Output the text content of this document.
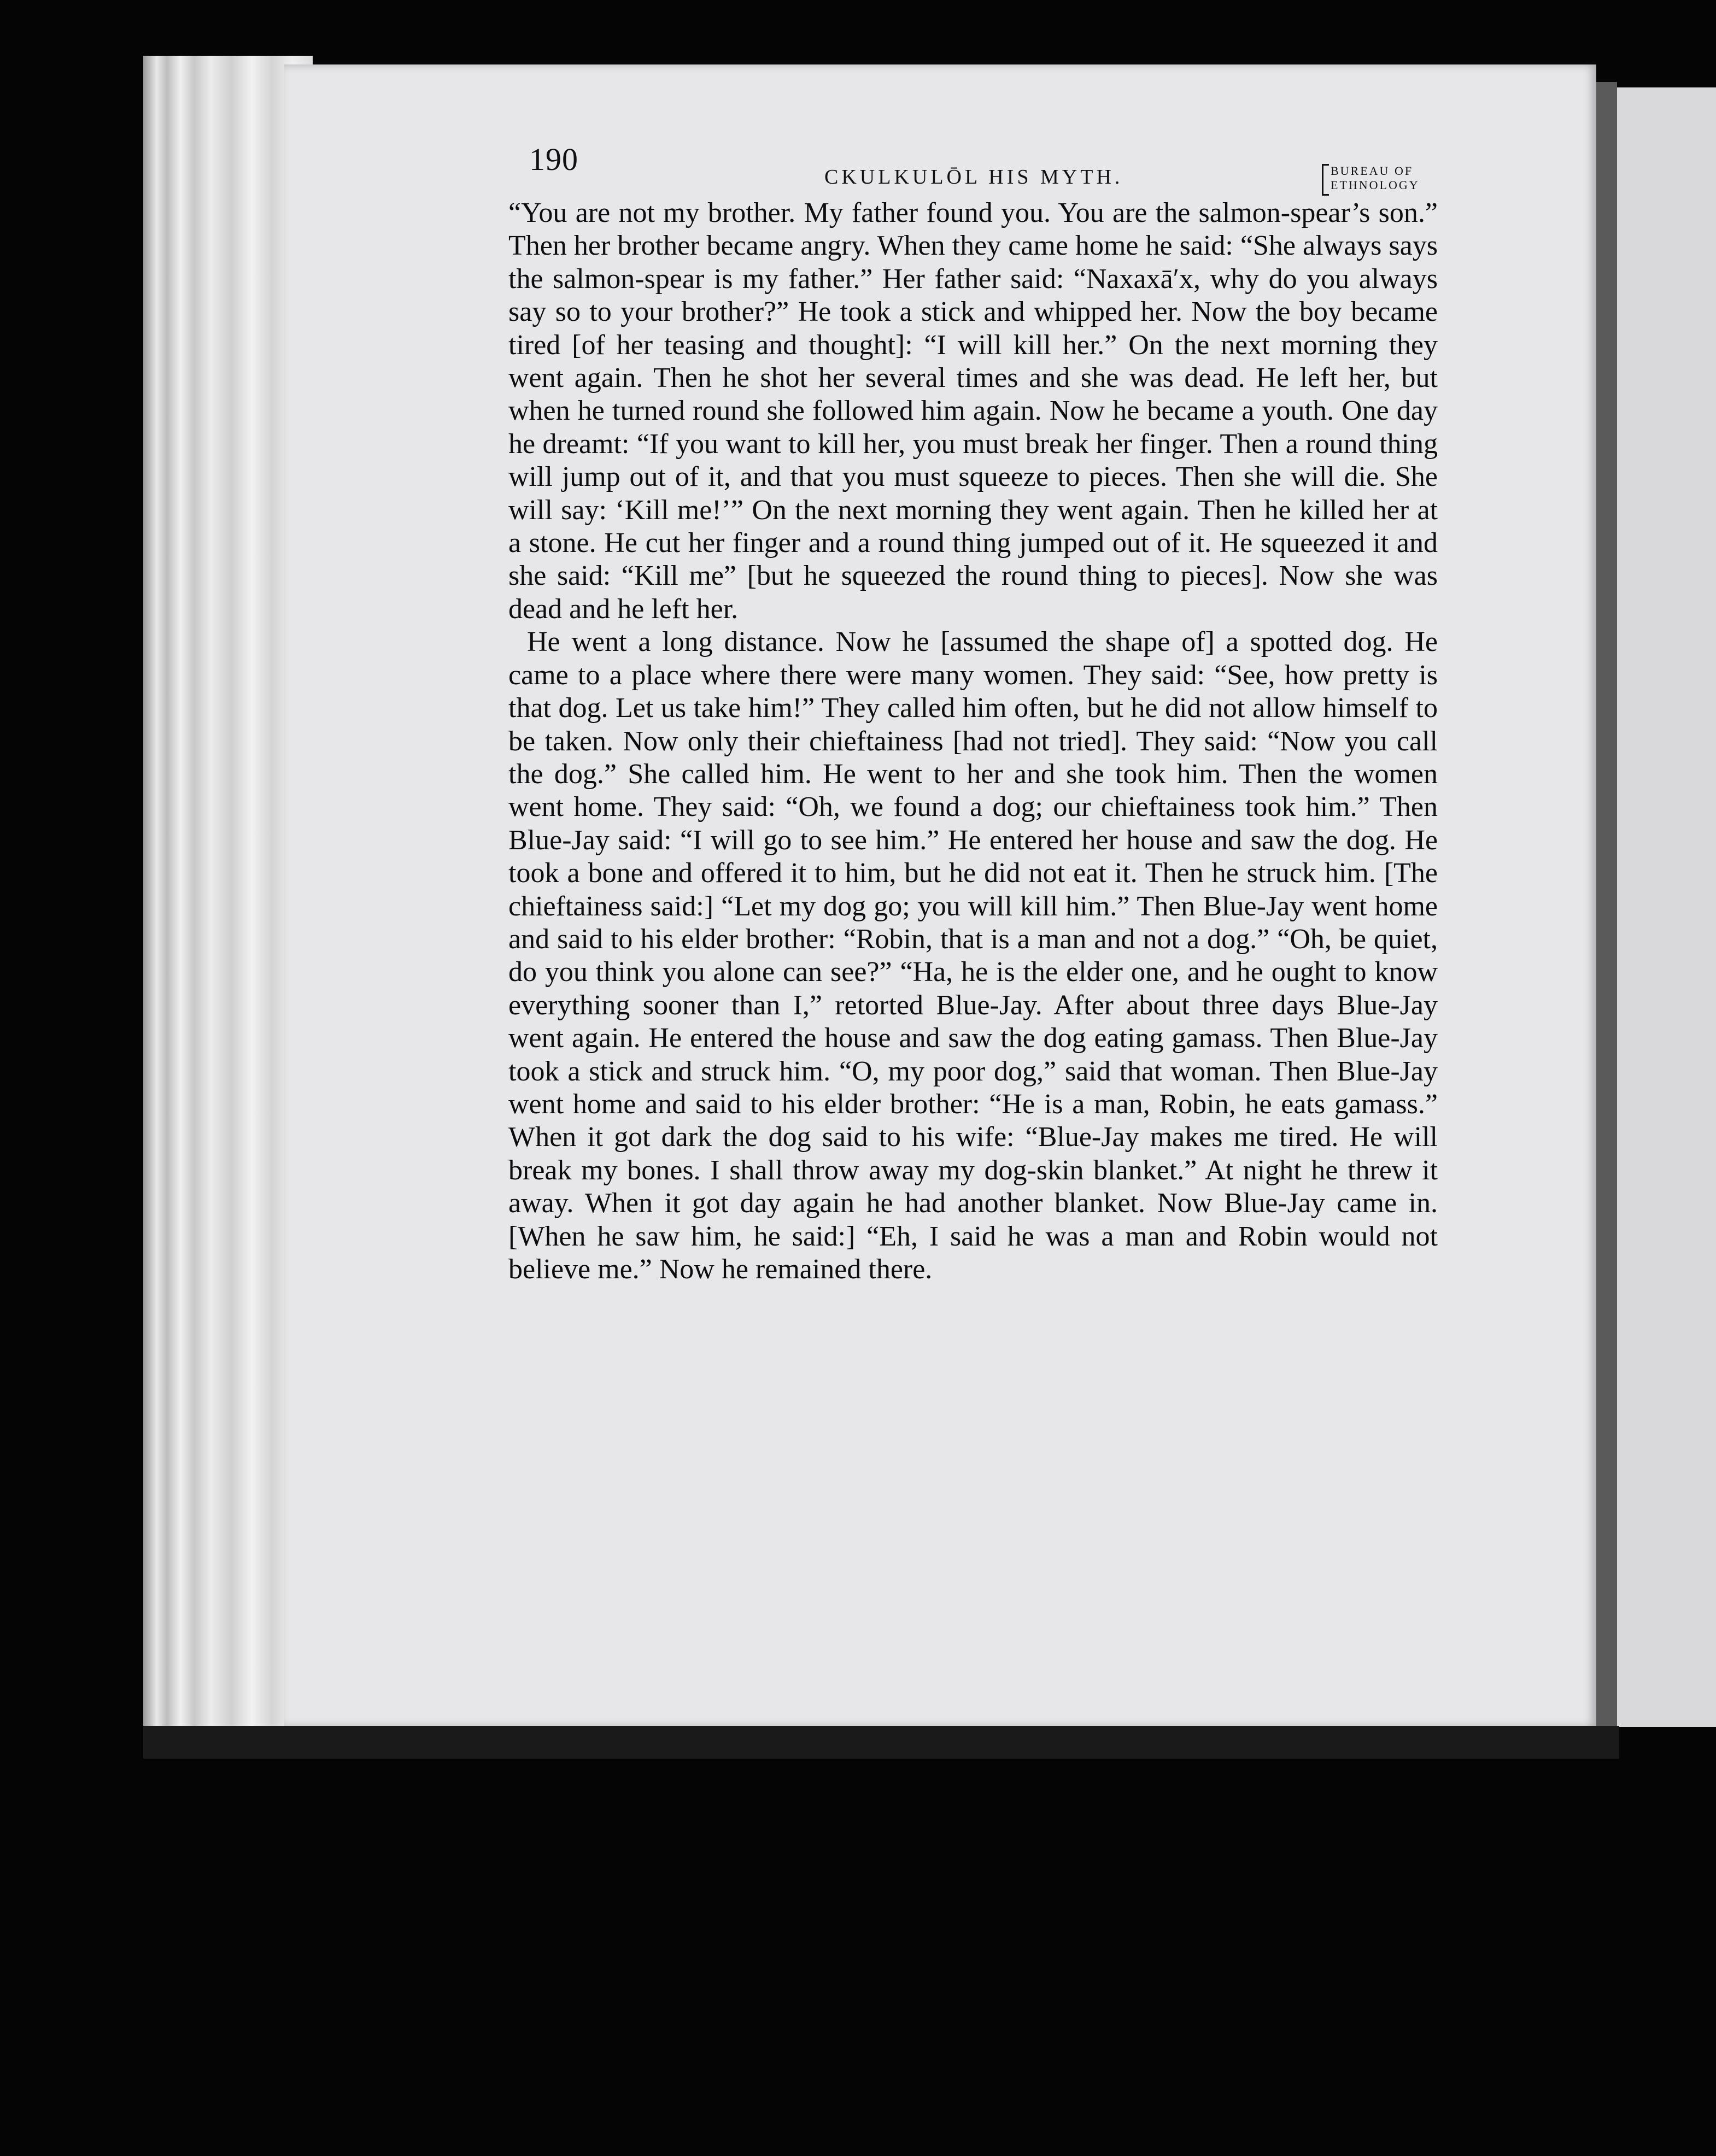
190	CKULKULŌL HIS MYTH.	BUREAU OF
ETHNOLOGY

“You are not my brother. My father found you. You are the salmon-spear’s son.” Then her brother became angry. When they came home he said: “She always says the salmon-spear is my father.” Her father said: “Naxaxā′x, why do you always say so to your brother?” He took a stick and whipped her. Now the boy became tired [of her teasing and thought]: “I will kill her.” On the next morning they went again. Then he shot her several times and she was dead. He left her, but when he turned round she followed him again. Now he became a youth. One day he dreamt: “If you want to kill her, you must break her finger. Then a round thing will jump out of it, and that you must squeeze to pieces. Then she will die. She will say: ‘Kill me!’” On the next morning they went again. Then he killed her at a stone. He cut her finger and a round thing jumped out of it. He squeezed it and she said: “Kill me” [but he squeezed the round thing to pieces]. Now she was dead and he left her.

He went a long distance. Now he [assumed the shape of] a spotted dog. He came to a place where there were many women. They said: “See, how pretty is that dog. Let us take him!” They called him often, but he did not allow himself to be taken. Now only their chieftainess [had not tried]. They said: “Now you call the dog.” She called him. He went to her and she took him. Then the women went home. They said: “Oh, we found a dog; our chieftainess took him.” Then Blue-Jay said: “I will go to see him.” He entered her house and saw the dog. He took a bone and offered it to him, but he did not eat it. Then he struck him. [The chieftainess said:] “Let my dog go; you will kill him.” Then Blue-Jay went home and said to his elder brother: “Robin, that is a man and not a dog.” “Oh, be quiet, do you think you alone can see?” “Ha, he is the elder one, and he ought to know everything sooner than I,” retorted Blue-Jay. After about three days Blue-Jay went again. He entered the house and saw the dog eating gamass. Then Blue-Jay took a stick and struck him. “O, my poor dog,” said that woman. Then Blue-Jay went home and said to his elder brother: “He is a man, Robin, he eats gamass.” When it got dark the dog said to his wife: “Blue-Jay makes me tired. He will break my bones. I shall throw away my dog-skin blanket.” At night he threw it away. When it got day again he had another blanket. Now Blue-Jay came in. [When he saw him, he said:] “Eh, I said he was a man and Robin would not believe me.” Now he remained there.
